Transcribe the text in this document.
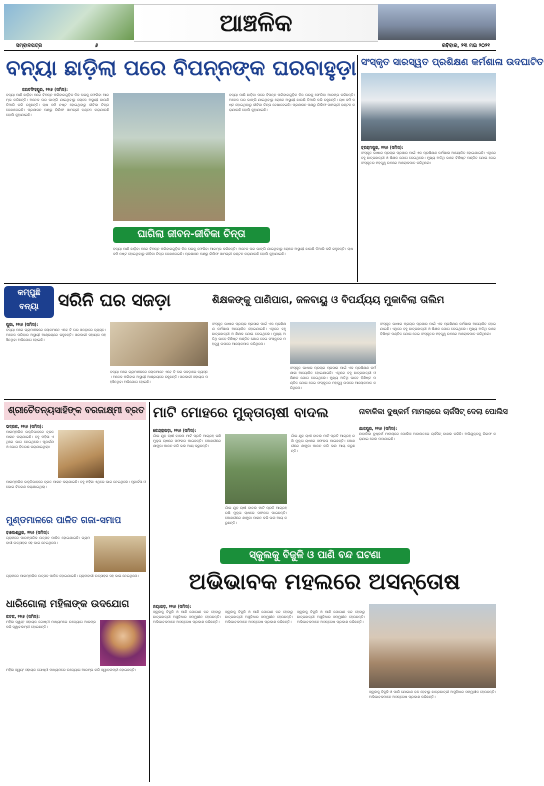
ଆଞ୍ଚଳିକ
ସମ୍ବାଦପତ୍ର	୬	ରବିବାର, ୨୩ ମଇ ୨୦୨୧
ବନ୍ୟା ଛାଡ଼ିଲା ପରେ ବିପନ୍ନଙ୍କ ଘରବାହୁଡ଼ା
ଜଗତସିଂହପୁର, ୨୨ା୫ (ସମିସ):
ବନ୍ୟା ପାଣି ଛାଡ଼ିବା ପରେ ବିପନ୍ନ ପରିବାରଗୁଡ଼ିକ ନିଜ ଘରକୁ ଫେରିବା ଆରମ୍ଭ କରିଛନ୍ତି। ଅନେକ ଘର ଭାଙ୍ଗି ଯାଇଥିବାରୁ ଲୋକେ ଅସ୍ଥାୟୀ ଛାଉଣି ତିଆରି କରି ରହୁଛନ୍ତି। ଚାଷ ଜମି ନଷ୍ଟ ହୋଇଥିବାରୁ ଜୀବିକା ଚିନ୍ତା ଦେଖାଦେଇଛି। ପ୍ରଶାସନ ପକ୍ଷରୁ ରିଲିଫ ସାମଗ୍ରୀ ବଣ୍ଟନ କରାଯାଉଛି ବୋଲି କୁହାଯାଇଛି।
ବନ୍ୟା ପାଣି ଛାଡ଼ିବା ପରେ ବିପନ୍ନ ପରିବାରଗୁଡ଼ିକ ନିଜ ଘରକୁ ଫେରିବା ଆରମ୍ଭ କରିଛନ୍ତି। ଅନେକ ଘର ଭାଙ୍ଗି ଯାଇଥିବାରୁ ଲୋକେ ଅସ୍ଥାୟୀ ଛାଉଣି ତିଆରି କରି ରହୁଛନ୍ତି। ଚାଷ ଜମି ନଷ୍ଟ ହୋଇଥିବାରୁ ଜୀବିକା ଚିନ୍ତା ଦେଖାଦେଇଛି। ପ୍ରଶାସନ ପକ୍ଷରୁ ରିଲିଫ ସାମଗ୍ରୀ ବଣ୍ଟନ କରାଯାଉଛି ବୋଲି କୁହାଯାଇଛି।
ଘାଗିଲା ଜୀବନ-ଜୀବିକା ଚିନ୍ତା
ବନ୍ୟା ପାଣି ଛାଡ଼ିବା ପରେ ବିପନ୍ନ ପରିବାରଗୁଡ଼ିକ ନିଜ ଘରକୁ ଫେରିବା ଆରମ୍ଭ କରିଛନ୍ତି। ଅନେକ ଘର ଭାଙ୍ଗି ଯାଇଥିବାରୁ ଲୋକେ ଅସ୍ଥାୟୀ ଛାଉଣି ତିଆରି କରି ରହୁଛନ୍ତି। ଚାଷ ଜମି ନଷ୍ଟ ହୋଇଥିବାରୁ ଜୀବିକା ଚିନ୍ତା ଦେଖାଦେଇଛି। ପ୍ରଶାସନ ପକ୍ଷରୁ ରିଲିଫ ସାମଗ୍ରୀ ବଣ୍ଟନ କରାଯାଉଛି ବୋଲି କୁହାଯାଇଛି।
ସଂସ୍କୃତ ସାରସ୍ୱତ ପ୍ରଶିକ୍ଷଣ କର୍ମଶାଳା ଉଦଘାଟିତ
ବ୍ରହ୍ମପୁର, ୨୨ା୫ (ସମିସ):
ସଂସ୍କୃତ ଭାଷାର ପ୍ରଚାର ପ୍ରସାର ପାଇଁ ଏକ ପ୍ରଶିକ୍ଷଣ କର୍ମଶାଳା ଆୟୋଜିତ ହୋଇଯାଇଛି। ଏଥିରେ ବହୁ ଛାତ୍ରଛାତ୍ରୀ ଓ ଶିକ୍ଷକ ଯୋଗ ଦେଇଥିଲେ। ମୁଖ୍ୟ ଅତିଥି ଭାବେ ବିଶିଷ୍ଟ ପଣ୍ଡିତ ଯୋଗ ଦେଇ ସଂସ୍କୃତର ମହତ୍ତ୍ୱ ଉପରେ ଆଲୋକପାତ କରିଥିଲେ।
କମ୍ପୁଛି
ବନ୍ୟା	ସରିନି ଘର ସଜଡ଼ା	ଶିକ୍ଷକଙ୍କୁ ପାଣିପାଗ, ଜଳବାୟୁ ଓ ବିପର୍ଯ୍ୟୟ ମୁକାବିଲା ତାଲିମ
ପୁରୀ, ୨୨ା୫ (ସମିସ):
ବନ୍ୟା ପରେ ଗ୍ରାମାଞ୍ଚଳରେ ଲୋକମାନେ ଏବେ ବି ଘର ସଜଡ଼ାରେ ବ୍ୟସ୍ତ। ଅନେକ ପରିବାର ଅସ୍ଥାୟୀ ଆଶ୍ରୟରେ ରହୁଛନ୍ତି। ସରକାରୀ ସହାୟତା ପହଞ୍ଚିନଥିବା ଅଭିଯୋଗ ହୋଇଛି।
ବନ୍ୟା ପରେ ଗ୍ରାମାଞ୍ଚଳରେ ଲୋକମାନେ ଏବେ ବି ଘର ସଜଡ଼ାରେ ବ୍ୟସ୍ତ। ଅନେକ ପରିବାର ଅସ୍ଥାୟୀ ଆଶ୍ରୟରେ ରହୁଛନ୍ତି। ସରକାରୀ ସହାୟତା ପହଞ୍ଚିନଥିବା ଅଭିଯୋଗ ହୋଇଛି।
ସଂସ୍କୃତ ଭାଷାର ପ୍ରଚାର ପ୍ରସାର ପାଇଁ ଏକ ପ୍ରଶିକ୍ଷଣ କର୍ମଶାଳା ଆୟୋଜିତ ହୋଇଯାଇଛି। ଏଥିରେ ବହୁ ଛାତ୍ରଛାତ୍ରୀ ଓ ଶିକ୍ଷକ ଯୋଗ ଦେଇଥିଲେ। ମୁଖ୍ୟ ଅତିଥି ଭାବେ ବିଶିଷ୍ଟ ପଣ୍ଡିତ ଯୋଗ ଦେଇ ସଂସ୍କୃତର ମହତ୍ତ୍ୱ ଉପରେ ଆଲୋକପାତ କରିଥିଲେ।
ସଂସ୍କୃତ ଭାଷାର ପ୍ରଚାର ପ୍ରସାର ପାଇଁ ଏକ ପ୍ରଶିକ୍ଷଣ କର୍ମଶାଳା ଆୟୋଜିତ ହୋଇଯାଇଛି। ଏଥିରେ ବହୁ ଛାତ୍ରଛାତ୍ରୀ ଓ ଶିକ୍ଷକ ଯୋଗ ଦେଇଥିଲେ। ମୁଖ୍ୟ ଅତିଥି ଭାବେ ବିଶିଷ୍ଟ ପଣ୍ଡିତ ଯୋଗ ଦେଇ ସଂସ୍କୃତର ମହତ୍ତ୍ୱ ଉପରେ ଆଲୋକପାତ କରିଥିଲେ।
ସଂସ୍କୃତ ଭାଷାର ପ୍ରଚାର ପ୍ରସାର ପାଇଁ ଏକ ପ୍ରଶିକ୍ଷଣ କର୍ମଶାଳା ଆୟୋଜିତ ହୋଇଯାଇଛି। ଏଥିରେ ବହୁ ଛାତ୍ରଛାତ୍ରୀ ଓ ଶିକ୍ଷକ ଯୋଗ ଦେଇଥିଲେ। ମୁଖ୍ୟ ଅତିଥି ଭାବେ ବିଶିଷ୍ଟ ପଣ୍ଡିତ ଯୋଗ ଦେଇ ସଂସ୍କୃତର ମହତ୍ତ୍ୱ ଉପରେ ଆଲୋକପାତ କରିଥିଲେ।
ଶ୍ରୀଚୈତନ୍ୟସାହିଙ୍କ ବରଜାକ୍ଷ୍ମୀ ବ୍ରତ
ଭଦ୍ରକ, ୨୨ା୫ (ସମିସ):
ପାରମ୍ପରିକ ଭକ୍ତିଭାବରେ ବ୍ରତ ପାଳନ କରାଯାଇଛି। ବହୁ ମହିଳା ଏଥିରେ ଭାଗ ନେଇଥିଲେ। ପୂଜାର୍ଚ୍ଚନା ଓ ଭୋଗ ବିତରଣ କରାଯାଇଥିଲା।
ପାରମ୍ପରିକ ଭକ୍ତିଭାବରେ ବ୍ରତ ପାଳନ କରାଯାଇଛି। ବହୁ ମହିଳା ଏଥିରେ ଭାଗ ନେଇଥିଲେ। ପୂଜାର୍ଚ୍ଚନା ଓ ଭୋଗ ବିତରଣ କରାଯାଇଥିଲା।
ମୁଣ୍ଡମାଳରେ ପାଳିତ ଗଜା-ସମାପ
ବାଲେଶ୍ୱର, ୨୨ା୫ (ସମିସ):
ଗ୍ରାମରେ ପାରମ୍ପରିକ ଉତ୍ସବ ପାଳିତ ହୋଇଯାଇଛି। ଗ୍ରାମବାସୀ ଉତ୍ସାହର ସହ ଭାଗ ନେଇଥିଲେ।
ଗ୍ରାମରେ ପାରମ୍ପରିକ ଉତ୍ସବ ପାଳିତ ହୋଇଯାଇଛି। ଗ୍ରାମବାସୀ ଉତ୍ସାହର ସହ ଭାଗ ନେଇଥିଲେ।
ଧାରିଗୋଲା ମହିଳାଙ୍କ ଉଦଯୋଗ
କଟକ, ୨୨ା୫ (ସମିସ):
ମହିଳା ସ୍ୱୟଂ ସହାୟକ ଗୋଷ୍ଠୀ ମାଧ୍ୟମରେ ଉଦ୍ୟୋଗ ଆରମ୍ଭ କରି ସ୍ୱାବଲମ୍ବୀ ହୋଇଛନ୍ତି।
ମହିଳା ସ୍ୱୟଂ ସହାୟକ ଗୋଷ୍ଠୀ ମାଧ୍ୟମରେ ଉଦ୍ୟୋଗ ଆରମ୍ଭ କରି ସ୍ୱାବଲମ୍ବୀ ହୋଇଛନ୍ତି।
ମାଟି ମୋହରେ ମୁକ୍ତାଚାଷୀ ବାଦଲ
କେନ୍ଦ୍ରାପଡ଼ା, ୨୨ା୫ (ସମିସ):
ଗାଁର ଯୁବ ଚାଷୀ ବାଦଲ ମାଟି ପ୍ରତି ଆଗ୍ରହ ରଖି ମୁକ୍ତା ଚାଷରେ ସଫଳତା ପାଇଛନ୍ତି। ପୋଖରୀରେ ଶାମୁକା ପାଳନ କରି ଭଲ ଆୟ କରୁଛନ୍ତି।
ଗାଁର ଯୁବ ଚାଷୀ ବାଦଲ ମାଟି ପ୍ରତି ଆଗ୍ରହ ରଖି ମୁକ୍ତା ଚାଷରେ ସଫଳତା ପାଇଛନ୍ତି। ପୋଖରୀରେ ଶାମୁକା ପାଳନ କରି ଭଲ ଆୟ କରୁଛନ୍ତି।
ଗାଁର ଯୁବ ଚାଷୀ ବାଦଲ ମାଟି ପ୍ରତି ଆଗ୍ରହ ରଖି ମୁକ୍ତା ଚାଷରେ ସଫଳତା ପାଇଛନ୍ତି। ପୋଖରୀରେ ଶାମୁକା ପାଳନ କରି ଭଲ ଆୟ କରୁଛନ୍ତି।
ନାବାଳିକା ଦୁଷ୍କର୍ମ ମାମଲାରେ ଚାର୍ଜସିଟ୍ ଦେଲା ପୋଲିସ
ଯାଜପୁର, ୨୨ା୫ (ସମିସ):
ନାବାଳିକା ଦୁଷ୍କର୍ମ ମାମଲାରେ ପୋଲିସ ଅଦାଲତରେ ଚାର୍ଜସିଟ୍ ଦାଖଲ କରିଛି। ଅଭିଯୁକ୍ତକୁ ଗିରଫ କରାଯାଇ ଜେଲ ପଠାଯାଇଛି।
ସ୍କୁଲକୁ ବିଜୁଳି ଓ ପାଣି ବନ୍ଦ ଘଟଣା
ଅଭିଭାବକ ମହଲରେ ଅସନ୍ତୋଷ
ନୟାଗଡ଼, ୨୨ା୫ (ସମିସ):
ସ୍କୁଲକୁ ବିଜୁଳି ଓ ପାଣି ଯୋଗାଣ ବନ୍ଦ ହେବାରୁ ଛାତ୍ରଛାତ୍ରୀ ଅସୁବିଧାର ସମ୍ମୁଖୀନ ହେଉଛନ୍ତି। ଅଭିଭାବକମାନେ ଅସନ୍ତୋଷ ପ୍ରକାଶ କରିଛନ୍ତି।
ସ୍କୁଲକୁ ବିଜୁଳି ଓ ପାଣି ଯୋଗାଣ ବନ୍ଦ ହେବାରୁ ଛାତ୍ରଛାତ୍ରୀ ଅସୁବିଧାର ସମ୍ମୁଖୀନ ହେଉଛନ୍ତି। ଅଭିଭାବକମାନେ ଅସନ୍ତୋଷ ପ୍ରକାଶ କରିଛନ୍ତି।
ସ୍କୁଲକୁ ବିଜୁଳି ଓ ପାଣି ଯୋଗାଣ ବନ୍ଦ ହେବାରୁ ଛାତ୍ରଛାତ୍ରୀ ଅସୁବିଧାର ସମ୍ମୁଖୀନ ହେଉଛନ୍ତି। ଅଭିଭାବକମାନେ ଅସନ୍ତୋଷ ପ୍ରକାଶ କରିଛନ୍ତି।
ସ୍କୁଲକୁ ବିଜୁଳି ଓ ପାଣି ଯୋଗାଣ ବନ୍ଦ ହେବାରୁ ଛାତ୍ରଛାତ୍ରୀ ଅସୁବିଧାର ସମ୍ମୁଖୀନ ହେଉଛନ୍ତି। ଅଭିଭାବକମାନେ ଅସନ୍ତୋଷ ପ୍ରକାଶ କରିଛନ୍ତି।
